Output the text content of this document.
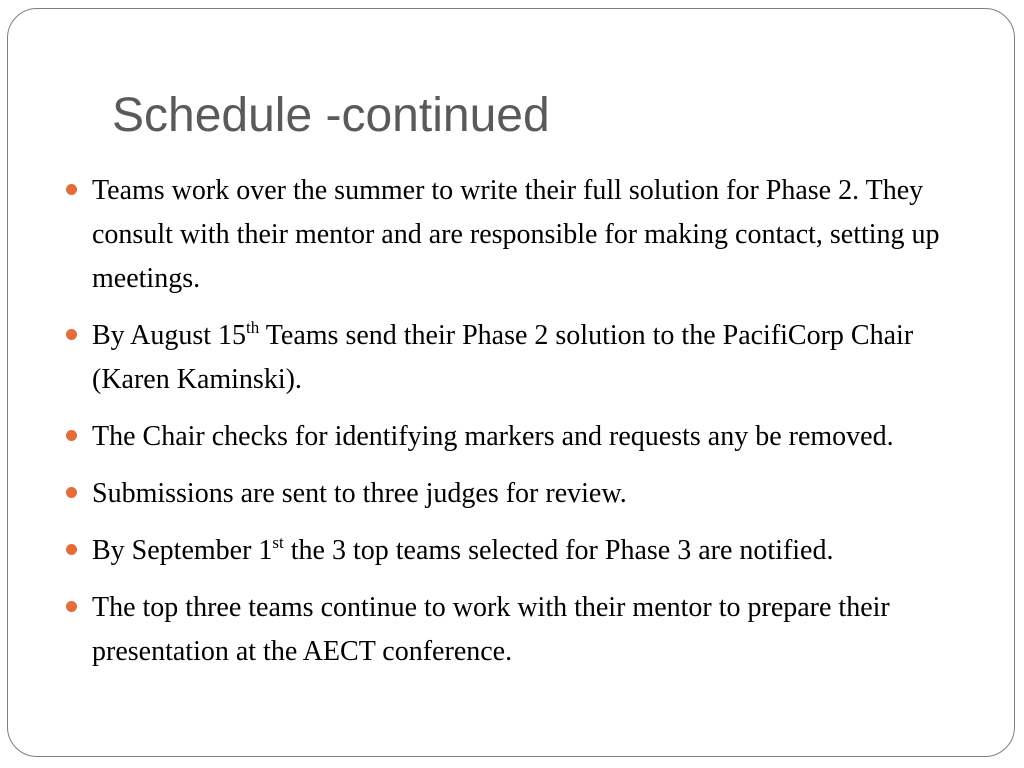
Schedule -continued
Teams work over the summer to write their full solution for Phase 2. They consult with their mentor and are responsible for making contact, setting up meetings.
By August 15th Teams send their Phase 2 solution to the PacifiCorp Chair (Karen Kaminski).
The Chair checks for identifying markers and requests any be removed.
Submissions are sent to three judges for review.
By September 1st the 3 top teams selected for Phase 3 are notified.
The top three teams continue to work with their mentor to prepare their presentation at the AECT conference.
